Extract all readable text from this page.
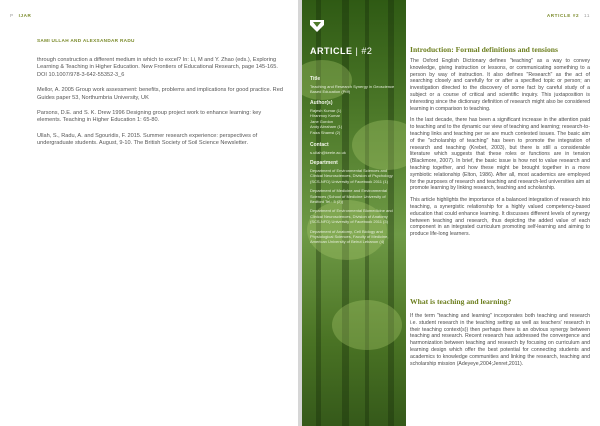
P IJAR
SAMI ULLAH AND ALEXSANDAR RADU

through construction a different medium in which to excel? In: Li, M and Y. Zhao (eds.), Exploring Learning & Teaching in Higher Education. New Frontiers of Educational Research, page 145-165. DOI 10.1007/978-3-642-55352-3_6

Mellor, A. 2005 Group work assessment: benefits, problems and implications for good practice. Red Guides paper 53, Northumbria University, UK

Parsons, D.E. and S. K. Drew 1996 Designing group project work to enhance learning: key elements. Teaching in Higher Education 1: 65-80.

Ullah, S., Radu, A. and Sgouridis, F. 2015. Summer research experience: perspectives of undergraduate students. August, 9-10. The British Society of Soil Science Newsletter.

ARTICLE #2 11
ARTICLE | #2
Title
Teaching and Research Synergy in Geoscience Based Education (Pdf)
Author(s)
Rajesh Kumar (1)
Hiranmoy Kumar
Jane Gordon
Andy Abraham (1)
Faiza Shamsi (2)
Contact
s.ullah@keele.ac.uk
Department

Department of Environmental Sciences and Clinical Neurosciences, Division of Psychology (SCS-NFD) University of Facebook 2011 (1)

Department of Medicine and Environmental Sciences (School of Medicine University of Bedford Tel.: 5 (2))

Department of Environmental Biomedicine and Clinical Neurosciences, Division of Anatomy (SCS-NFD) University of Facebook 2011 (3)

Department of Anatomy, Cell Biology and Physiological Sciences, Faculty of Medicine, American University of Beirut Lebanon (4)

Introduction: Formal definitions and tensions

The Oxford English Dictionary defines "teaching" as a way to convey knowledge, giving instruction or lessons, or communicating something to a person by way of instruction. It also defines "Research" as the act of searching closely and carefully for or after a specified topic or person; an investigation directed to the discovery of some fact by careful study of a subject or a course of critical and scientific inquiry. This juxtaposition is interesting since the dictionary definition of research might also be considered learning in comparison to teaching.

In the last decade, there has been a significant increase in the attention paid to teaching and to the dynamic our view of teaching and learning; research-to-teaching links and teaching per se are much contested issues. The basic aim of the "scholarship of teaching" has been to promote the integration of research and teaching (Krebet, 2003), but there is still a considerable literature which suggests that these roles or functions are in tension (Blackmore, 2007). In brief, the basic issue is how not to value research and teaching together, and how these might be brought together in a more symbiotic relationship (Elton, 1986). After all, most academics are employed for the purposes of research and teaching and research-led universities aim at promote learning by linking research, teaching and scholarship.

This article highlights the importance of a balanced integration of research into teaching, a synergistic relationship for a highly valued competency-based education that could enhance learning. It discusses different levels of synergy between teaching and research, thus depicting the added value of each component in an integrated curriculum promoting self-learning and aiming to produce life-long learners.

What is teaching and learning?

If the term "teaching and learning" incorporates both teaching and research i.e. student research in the teaching setting as well as teachers' research in their teaching context(s)) then perhaps there is an obvious synergy between teaching and research. Recent research has addressed the convergence and harmonization between teaching and research by focusing on curriculum and learning design which offer the best potential for connecting students and academics to knowledge communities and linking the research, teaching and scholarship mission (Adeyeye,2004;Jenret,2011).
